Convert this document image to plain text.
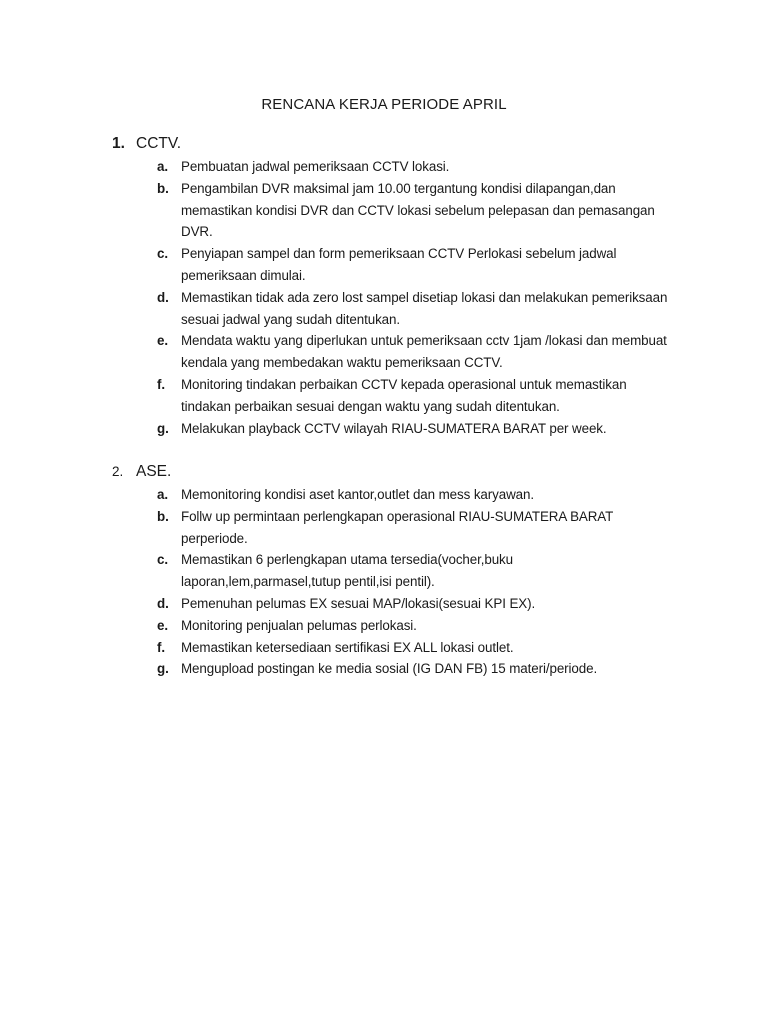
RENCANA KERJA PERIODE APRIL
1. CCTV.
a. Pembuatan jadwal pemeriksaan CCTV lokasi.
b. Pengambilan DVR maksimal jam 10.00 tergantung kondisi dilapangan,dan memastikan kondisi DVR dan CCTV lokasi sebelum pelepasan dan pemasangan DVR.
c. Penyiapan sampel dan form pemeriksaan CCTV Perlokasi sebelum jadwal pemeriksaan dimulai.
d. Memastikan tidak ada zero lost sampel disetiap lokasi dan melakukan pemeriksaan sesuai jadwal yang sudah ditentukan.
e. Mendata waktu yang diperlukan untuk pemeriksaan cctv 1jam /lokasi dan membuat kendala yang membedakan waktu pemeriksaan CCTV.
f. Monitoring tindakan perbaikan CCTV kepada operasional untuk memastikan tindakan perbaikan sesuai dengan waktu yang sudah ditentukan.
g. Melakukan playback CCTV wilayah RIAU-SUMATERA BARAT per week.
2. ASE.
a. Memonitoring kondisi aset kantor,outlet dan mess karyawan.
b. Follw up permintaan perlengkapan operasional RIAU-SUMATERA BARAT perperiode.
c. Memastikan 6 perlengkapan utama tersedia(vocher,buku laporan,lem,parmasel,tutup pentil,isi pentil).
d. Pemenuhan pelumas EX sesuai MAP/lokasi(sesuai KPI EX).
e. Monitoring penjualan pelumas perlokasi.
f. Memastikan ketersediaan sertifikasi EX ALL lokasi outlet.
g. Mengupload postingan ke media sosial (IG DAN FB) 15 materi/periode.
